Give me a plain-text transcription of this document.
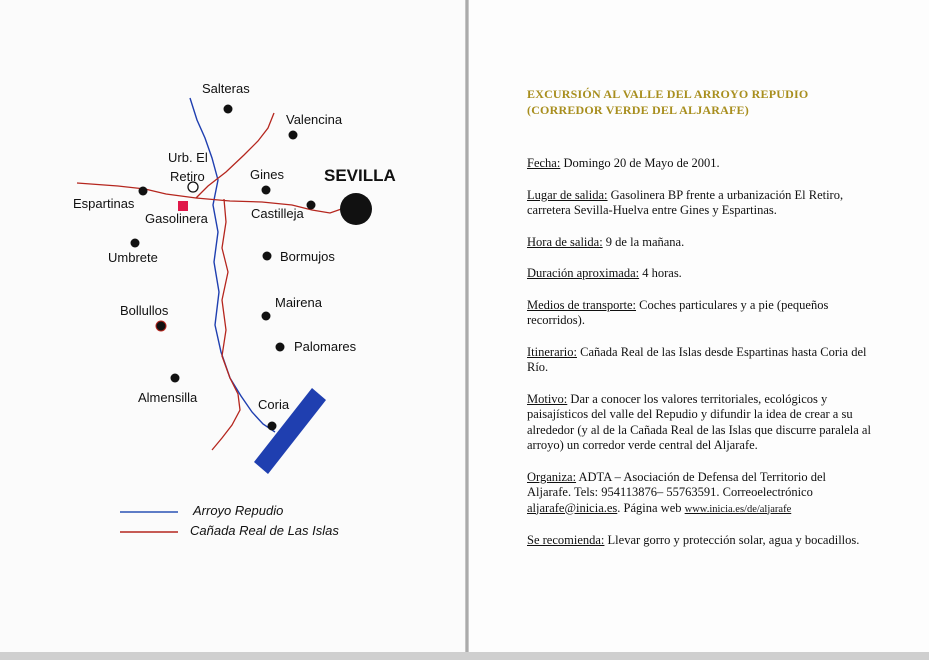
Salteras
Valencina
Urb. El
Retiro	SEVILLA
Gines
Espartinas
Gasolinera	Castilleja
Umbrete	Bormujos
Bollullos
Mairena
Palomares
Almensilla	Coria
Arroyo Repudio
Cañada Real de Las Islas
EXCURSIÓN AL VALLE DEL ARROYO REPUDIO
(CORREDOR VERDE DEL ALJARAFE)

Fecha: Domingo 20 de Mayo de 2001.

Lugar de salida: Gasolinera BP frente a urbanización El Retiro, carretera Sevilla-Huelva entre Gines y Espartinas.

Hora de salida: 9 de la mañana.

Duración aproximada: 4 horas.

Medios de transporte: Coches particulares y a pie (pequeños recorridos).

Itinerario: Cañada Real de las Islas desde Espartinas hasta Coria del Río.

Motivo: Dar a conocer los valores territoriales, ecológicos y paisajísticos del valle del Repudio y difundir la idea de crear a su alrededor (y al de la Cañada Real de las Islas que discurre paralela al arroyo) un corredor verde central del Aljarafe.

Organiza: ADTA – Asociación de Defensa del Territorio del Aljarafe. Tels: 954113876– 55763591. Correoelectrónico aljarafe@inicia.es. Página web www.inicia.es/de/aljarafe

Se recomienda: Llevar gorro y protección solar, agua y bocadillos.
